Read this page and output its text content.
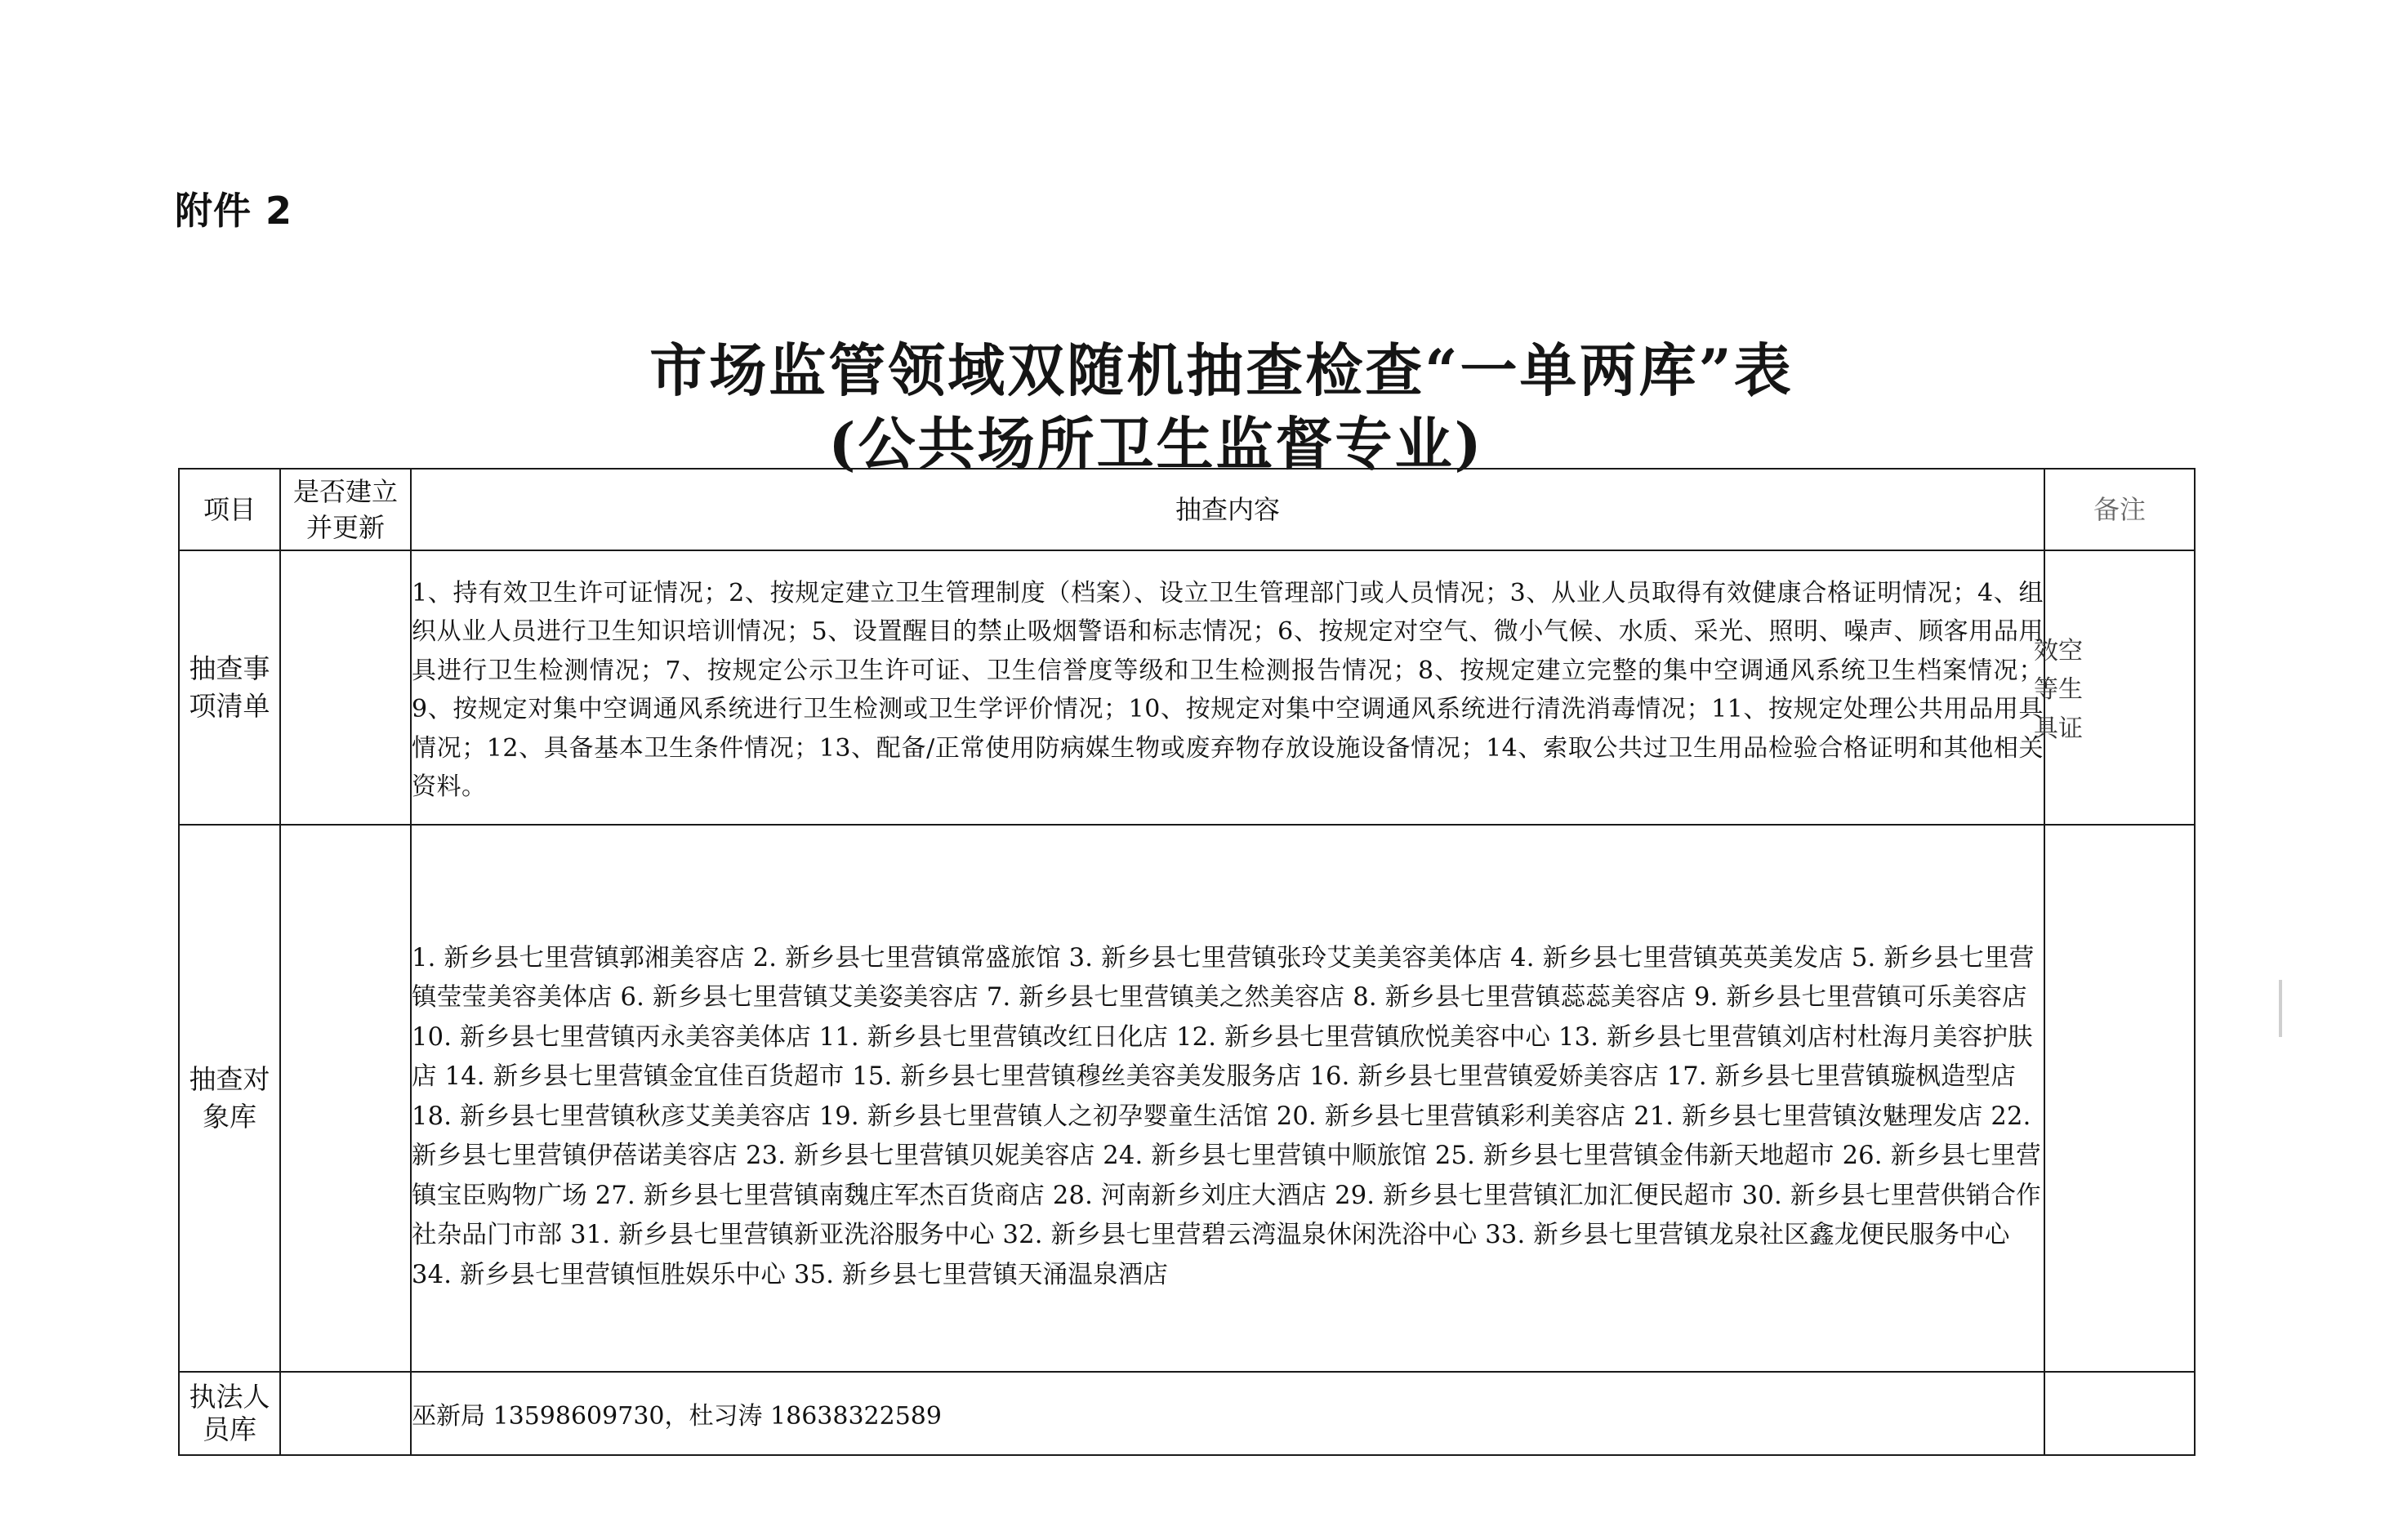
附件 2
市场监管领域双随机抽查检查“一单两库”表
(公共场所卫生监督专业)
项目	是否建立并更新	抽查内容	备注

抽查事项清单		1、持有效卫生许可证情况；2、按规定建立卫生管理制度（档案）、设立卫生管理部门或人员情况；3、从业人员取得有效健康合格证明情况；4、组织从业人员进行卫生知识培训情况；5、设置醒目的禁止吸烟警语和标志情况；6、按规定对空气、微小气候、水质、采光、照明、噪声、顾客用品用具进行卫生检测情况；7、按规定公示卫生许可证、卫生信誉度等级和卫生检测报告情况；8、按规定建立完整的集中空调通风系统卫生档案情况；9、按规定对集中空调通风系统进行卫生检测或卫生学评价情况；10、按规定对集中空调通风系统进行清洗消毒情况；11、按规定处理公共用品用具情况；12、具备基本卫生条件情况；13、配备/正常使用防病媒生物或废弃物存放设施设备情况；14、索取公共过卫生用品检验合格证明和其他相关资料。	效空等生具证

抽查对象库		1. 新乡县七里营镇郭湘美容店 2. 新乡县七里营镇常盛旅馆 3. 新乡县七里营镇张玲艾美美容美体店 4. 新乡县七里营镇英英美发店 5. 新乡县七里营镇莹莹美容美体店 6. 新乡县七里营镇艾美姿美容店 7. 新乡县七里营镇美之然美容店 8. 新乡县七里营镇蕊蕊美容店 9. 新乡县七里营镇可乐美容店 10. 新乡县七里营镇丙永美容美体店 11. 新乡县七里营镇改红日化店 12. 新乡县七里营镇欣悦美容中心 13. 新乡县七里营镇刘店村杜海月美容护肤店 14. 新乡县七里营镇金宜佳百货超市 15. 新乡县七里营镇穆丝美容美发服务店 16. 新乡县七里营镇爱娇美容店 17. 新乡县七里营镇璇枫造型店 18. 新乡县七里营镇秋彦艾美美容店 19. 新乡县七里营镇人之初孕婴童生活馆 20. 新乡县七里营镇彩利美容店 21. 新乡县七里营镇汝魅理发店 22. 新乡县七里营镇伊蓓诺美容店 23. 新乡县七里营镇贝妮美容店 24. 新乡县七里营镇中顺旅馆 25. 新乡县七里营镇金伟新天地超市 26. 新乡县七里营镇宝臣购物广场 27. 新乡县七里营镇南魏庄军杰百货商店 28. 河南新乡刘庄大酒店 29. 新乡县七里营镇汇加汇便民超市 30. 新乡县七里营供销合作社杂品门市部 31. 新乡县七里营镇新亚洗浴服务中心 32. 新乡县七里营碧云湾温泉休闲洗浴中心 33. 新乡县七里营镇龙泉社区鑫龙便民服务中心 34. 新乡县七里营镇恒胜娱乐中心 35. 新乡县七里营镇天涌温泉酒店	

执法人员库		巫新局 13598609730，杜习涛 18638322589	
